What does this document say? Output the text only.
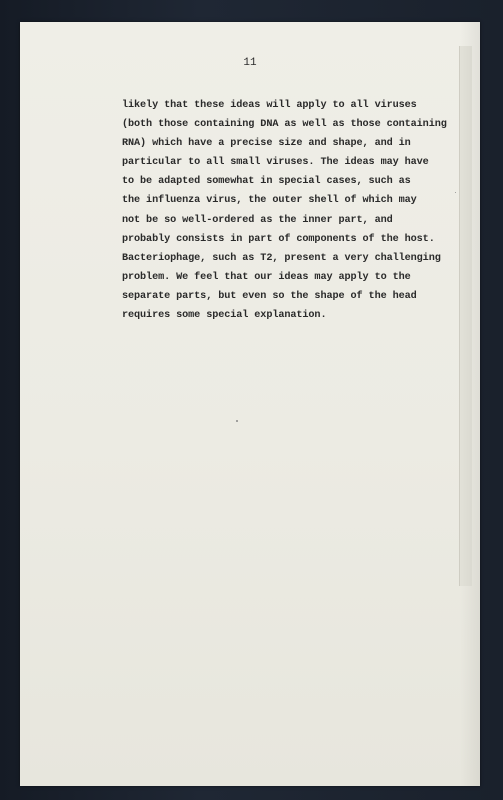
11
likely that these ideas will apply to all viruses
(both those containing DNA as well as those containing
RNA) which have a precise size and shape, and in
particular to all small viruses. The ideas may have
to be adapted somewhat in special cases, such as
the influenza virus, the outer shell of which may
not be so well-ordered as the inner part, and
probably consists in part of components of the host.
Bacteriophage, such as T2, present a very challenging
problem. We feel that our ideas may apply to the
separate parts, but even so the shape of the head
requires some special explanation.
